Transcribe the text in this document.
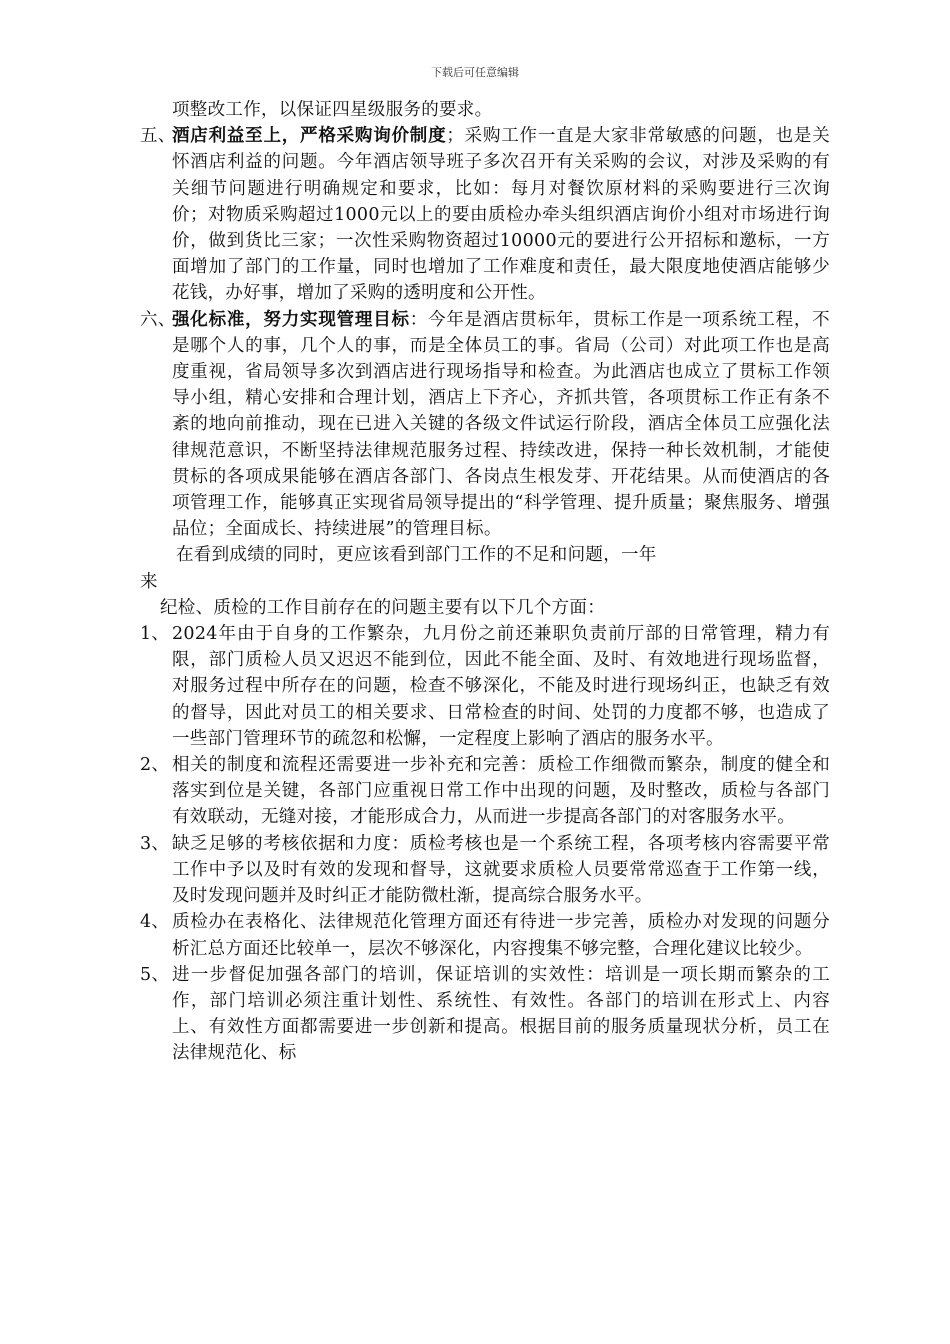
下载后可任意编辑

项整改工作，以保证四星级服务的要求。

五、
酒店利益至上，严格采购询价制度；采购工作一直是大家非常敏感的问题，也是关怀酒店利益的问题。今年酒店领导班子多次召开有关采购的会议，对涉及采购的有关细节问题进行明确规定和要求，比如：每月对餐饮原材料的采购要进行三次询价；对物质采购超过1000元以上的要由质检办牵头组织酒店询价小组对市场进行询价，做到货比三家；一次性采购物资超过10000元的要进行公开招标和邀标，一方面增加了部门的工作量，同时也增加了工作难度和责任，最大限度地使酒店能够少花钱，办好事，增加了采购的透明度和公开性。
六、
强化标准，努力实现管理目标：今年是酒店贯标年，贯标工作是一项系统工程，不是哪个人的事，几个人的事，而是全体员工的事。省局（公司）对此项工作也是高度重视，省局领导多次到酒店进行现场指导和检查。为此酒店也成立了贯标工作领导小组，精心安排和合理计划，酒店上下齐心，齐抓共管，各项贯标工作正有条不紊的地向前推动，现在已进入关键的各级文件试运行阶段，酒店全体员工应强化法律规范意识，不断坚持法律规范服务过程、持续改进，保持一种长效机制，才能使贯标的各项成果能够在酒店各部门、各岗点生根发芽、开花结果。从而使酒店的各项管理工作，能够真正实现省局领导提出的“科学管理、提升质量；聚焦服务、增强品位；全面成长、持续进展”的管理目标。

在看到成绩的同时，更应该看到部门工作的不足和问题，一年

来

纪检、质检的工作目前存在的问题主要有以下几个方面：

1、 2024年由于自身的工作繁杂，九月份之前还兼职负责前厅部的日常管理，精力有限，部门质检人员又迟迟不能到位，因此不能全面、及时、有效地进行现场监督，对服务过程中所存在的问题，检查不够深化，不能及时进行现场纠正，也缺乏有效的督导，因此对员工的相关要求、日常检查的时间、处罚的力度都不够，也造成了一些部门管理环节的疏忽和松懈，一定程度上影响了酒店的服务水平。
2、 相关的制度和流程还需要进一步补充和完善：质检工作细微而繁杂，制度的健全和落实到位是关键，各部门应重视日常工作中出现的问题，及时整改，质检与各部门有效联动，无缝对接，才能形成合力，从而进一步提高各部门的对客服务水平。
3、 缺乏足够的考核依据和力度：质检考核也是一个系统工程，各项考核内容需要平常工作中予以及时有效的发现和督导，这就要求质检人员要常常巡查于工作第一线，及时发现问题并及时纠正才能防微杜渐，提高综合服务水平。
4、 质检办在表格化、法律规范化管理方面还有待进一步完善，质检办对发现的问题分析汇总方面还比较单一，层次不够深化，内容搜集不够完整，合理化建议比较少。
5、 进一步督促加强各部门的培训，保证培训的实效性：培训是一项长期而繁杂的工作，部门培训必须注重计划性、系统性、有效性。各部门的培训在形式上、内容上、有效性方面都需要进一步创新和提高。根据目前的服务质量现状分析，员工在法律规范化、标
